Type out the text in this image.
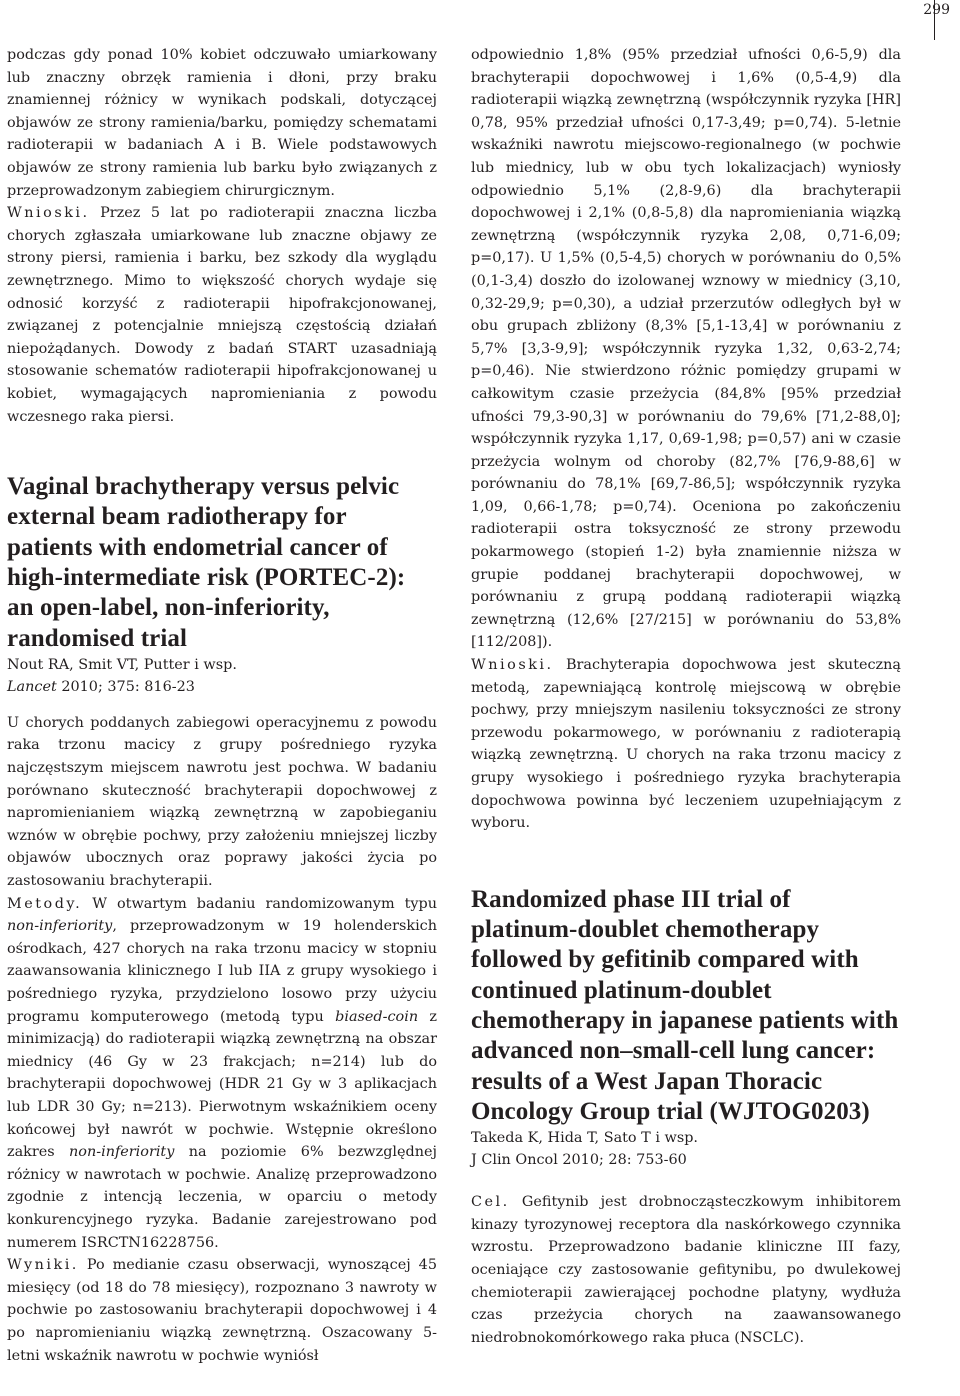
299

podczas gdy ponad 10% kobiet odczuwało umiarkowany lub znaczny obrzęk ramienia i dłoni, przy braku znamiennej różnicy w wynikach podskali, dotyczącej objawów ze strony ramienia/barku, pomiędzy schematami radioterapii w badaniach A i B. Wiele podstawowych objawów ze strony ramienia lub barku było związanych z przeprowadzonym zabiegiem chirurgicznym.

Wnioski. Przez 5 lat po radioterapii znaczna liczba chorych zgłaszała umiarkowane lub znaczne objawy ze strony piersi, ramienia i barku, bez szkody dla wyglądu zewnętrznego. Mimo to większość chorych wydaje się odnosić korzyść z radioterapii hipofrakcjonowanej, związanej z potencjalnie mniejszą częstością działań niepożądanych. Dowody z badań START uzasadniają stosowanie schematów radioterapii hipofrakcjonowanej u kobiet, wymagających napromieniania z powodu wczesnego raka piersi.

Vaginal brachytherapy versus pelvic external beam radiotherapy for patients with endometrial cancer of high-intermediate risk (PORTEC-2): an open-label, non-inferiority, randomised trial

Nout RA, Smit VT, Putter i wsp.

Lancet 2010; 375: 816-23

U chorych poddanych zabiegowi operacyjnemu z powodu raka trzonu macicy z grupy pośredniego ryzyka najczęstszym miejscem nawrotu jest pochwa. W badaniu porównano skuteczność brachyterapii dopochwowej z napromienianiem wiązką zewnętrzną w zapobieganiu wznów w obrębie pochwy, przy założeniu mniejszej liczby objawów ubocznych oraz poprawy jakości życia po zastosowaniu brachyterapii.

Metody. W otwartym badaniu randomizowanym typu non-inferiority, przeprowadzonym w 19 holenderskich ośrodkach, 427 chorych na raka trzonu macicy w stopniu zaawansowania klinicznego I lub IIA z grupy wysokiego i pośredniego ryzyka, przydzielono losowo przy użyciu programu komputerowego (metodą typu biased-coin z minimizacją) do radioterapii wiązką zewnętrzną na obszar miednicy (46 Gy w 23 frakcjach; n=214) lub do brachyterapii dopochwowej (HDR 21 Gy w 3 aplikacjach lub LDR 30 Gy; n=213). Pierwotnym wskaźnikiem oceny końcowej był nawrót w pochwie. Wstępnie określono zakres non-inferiority na poziomie 6% bezwzględnej różnicy w nawrotach w pochwie. Analizę przeprowadzono zgodnie z intencją leczenia, w oparciu o metody konkurencyjnego ryzyka. Badanie zarejestrowano pod numerem ISRCTN16228756.

Wyniki. Po medianie czasu obserwacji, wynoszącej 45 miesięcy (od 18 do 78 miesięcy), rozpoznano 3 nawroty w pochwie po zastosowaniu brachyterapii dopochwowej i 4 po napromienianiu wiązką zewnętrzną. Oszacowany 5-letni wskaźnik nawrotu w pochwie wyniósł

odpowiednio 1,8% (95% przedział ufności 0,6-5,9) dla brachyterapii dopochwowej i 1,6% (0,5-4,9) dla radioterapii wiązką zewnętrzną (współczynnik ryzyka [HR] 0,78, 95% przedział ufności 0,17-3,49; p=0,74). 5-letnie wskaźniki nawrotu miejscowo-regionalnego (w pochwie lub miednicy, lub w obu tych lokalizacjach) wyniosły odpowiednio 5,1% (2,8-9,6) dla brachyterapii dopochwowej i 2,1% (0,8-5,8) dla napromieniania wiązką zewnętrzną (współczynnik ryzyka 2,08, 0,71-6,09; p=0,17). U 1,5% (0,5-4,5) chorych w porównaniu do 0,5% (0,1-3,4) doszło do izolowanej wznowy w miednicy (3,10, 0,32-29,9; p=0,30), a udział przerzutów odległych był w obu grupach zbliżony (8,3% [5,1-13,4] w porównaniu z 5,7% [3,3-9,9]; współczynnik ryzyka 1,32, 0,63-2,74; p=0,46). Nie stwierdzono różnic pomiędzy grupami w całkowitym czasie przeżycia (84,8% [95% przedział ufności 79,3-90,3] w porównaniu do 79,6% [71,2-88,0]; współczynnik ryzyka 1,17, 0,69-1,98; p=0,57) ani w czasie przeżycia wolnym od choroby (82,7% [76,9-88,6] w porównaniu do 78,1% [69,7-86,5]; współczynnik ryzyka 1,09, 0,66-1,78; p=0,74). Oceniona po zakończeniu radioterapii ostra toksyczność ze strony przewodu pokarmowego (stopień 1-2) była znamiennie niższa w grupie poddanej brachyterapii dopochwowej, w porównaniu z grupą poddaną radioterapii wiązką zewnętrzną (12,6% [27/215] w porównaniu do 53,8% [112/208]).

Wnioski. Brachyterapia dopochwowa jest skuteczną metodą, zapewniającą kontrolę miejscową w obrębie pochwy, przy mniejszym nasileniu toksyczności ze strony przewodu pokarmowego, w porównaniu z radioterapią wiązką zewnętrzną. U chorych na raka trzonu macicy z grupy wysokiego i pośredniego ryzyka brachyterapia dopochwowa powinna być leczeniem uzupełniającym z wyboru.

Randomized phase III trial of platinum-doublet chemotherapy followed by gefitinib compared with continued platinum-doublet chemotherapy in japanese patients with advanced non–small-cell lung cancer: results of a West Japan Thoracic Oncology Group trial (WJTOG0203)

Takeda K, Hida T, Sato T i wsp.

J Clin Oncol 2010; 28: 753-60

Cel. Gefitynib jest drobnocząsteczkowym inhibitorem kinazy tyrozynowej receptora dla naskórkowego czynnika wzrostu. Przeprowadzono badanie kliniczne III fazy, oceniające czy zastosowanie gefitynibu, po dwulekowej chemioterapii zawierającej pochodne platyny, wydłuża czas przeżycia chorych na zaawansowanego niedrobnokomórkowego raka płuca (NSCLC).
